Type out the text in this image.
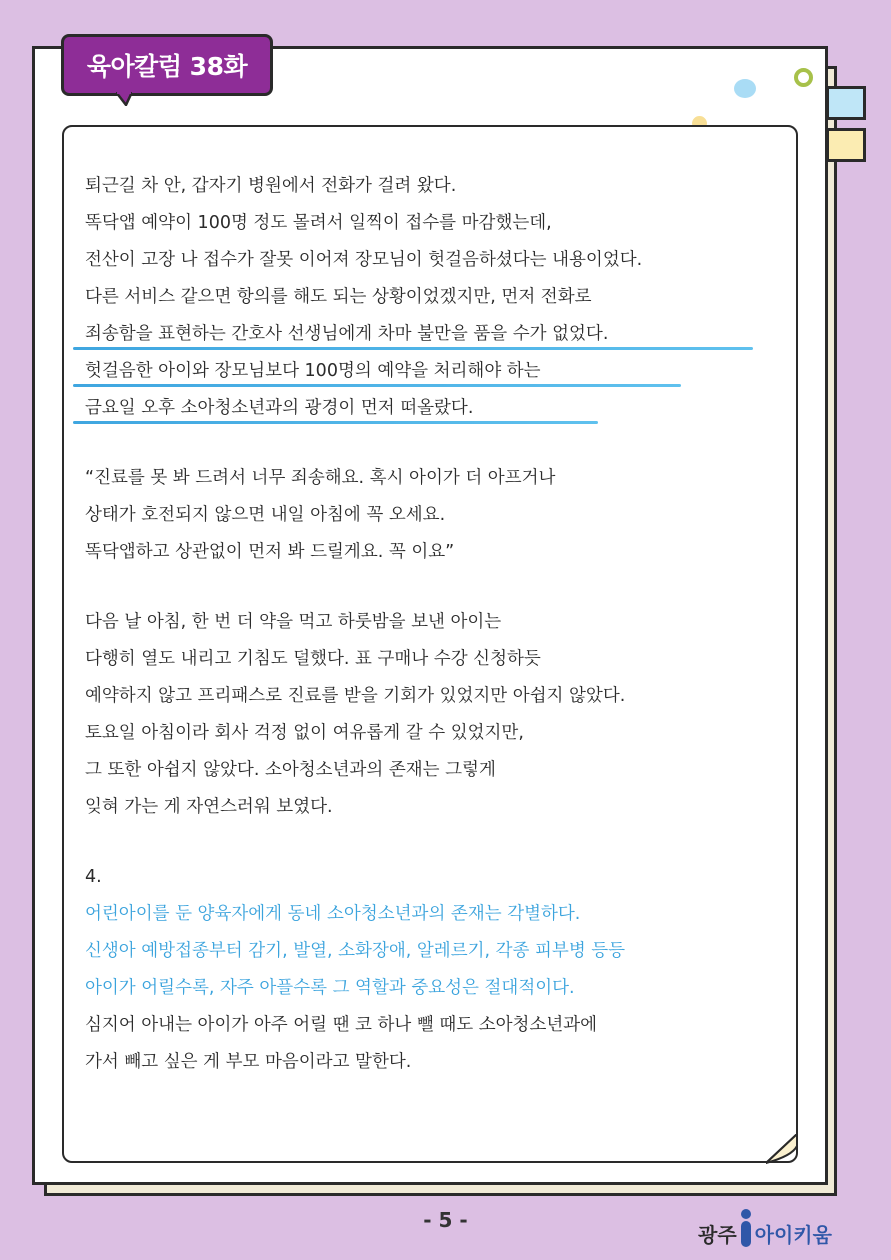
육아칼럼 38화
퇴근길 차 안, 갑자기 병원에서 전화가 걸려 왔다.
똑닥앱 예약이 100명 정도 몰려서 일찍이 접수를 마감했는데,
전산이 고장 나 접수가 잘못 이어져 장모님이 헛걸음하셨다는 내용이었다.
다른 서비스 같으면 항의를 해도 되는 상황이었겠지만, 먼저 전화로
죄송함을 표현하는 간호사 선생님에게 차마 불만을 품을 수가 없었다.
헛걸음한 아이와 장모님보다 100명의 예약을 처리해야 하는
금요일 오후 소아청소년과의 광경이 먼저 떠올랐다.
“진료를 못 봐 드려서 너무 죄송해요. 혹시 아이가 더 아프거나
상태가 호전되지 않으면 내일 아침에 꼭 오세요.
똑닥앱하고 상관없이 먼저 봐 드릴게요. 꼭 이요”
다음 날 아침, 한 번 더 약을 먹고 하룻밤을 보낸 아이는
다행히 열도 내리고 기침도 덜했다. 표 구매나 수강 신청하듯
예약하지 않고 프리패스로 진료를 받을 기회가 있었지만 아쉽지 않았다.
토요일 아침이라 회사 걱정 없이 여유롭게 갈 수 있었지만,
그 또한 아쉽지 않았다. 소아청소년과의 존재는 그렇게
잊혀 가는 게 자연스러워 보였다.
4.
어린아이를 둔 양육자에게 동네 소아청소년과의 존재는 각별하다.
신생아 예방접종부터 감기, 발열, 소화장애, 알레르기, 각종 피부병 등등
아이가 어릴수록, 자주 아플수록 그 역할과 중요성은 절대적이다.
심지어 아내는 아이가 아주 어릴 땐 코 하나 뺄 때도 소아청소년과에
가서 빼고 싶은 게 부모 마음이라고 말한다.
- 5 -
광주 아이키움
